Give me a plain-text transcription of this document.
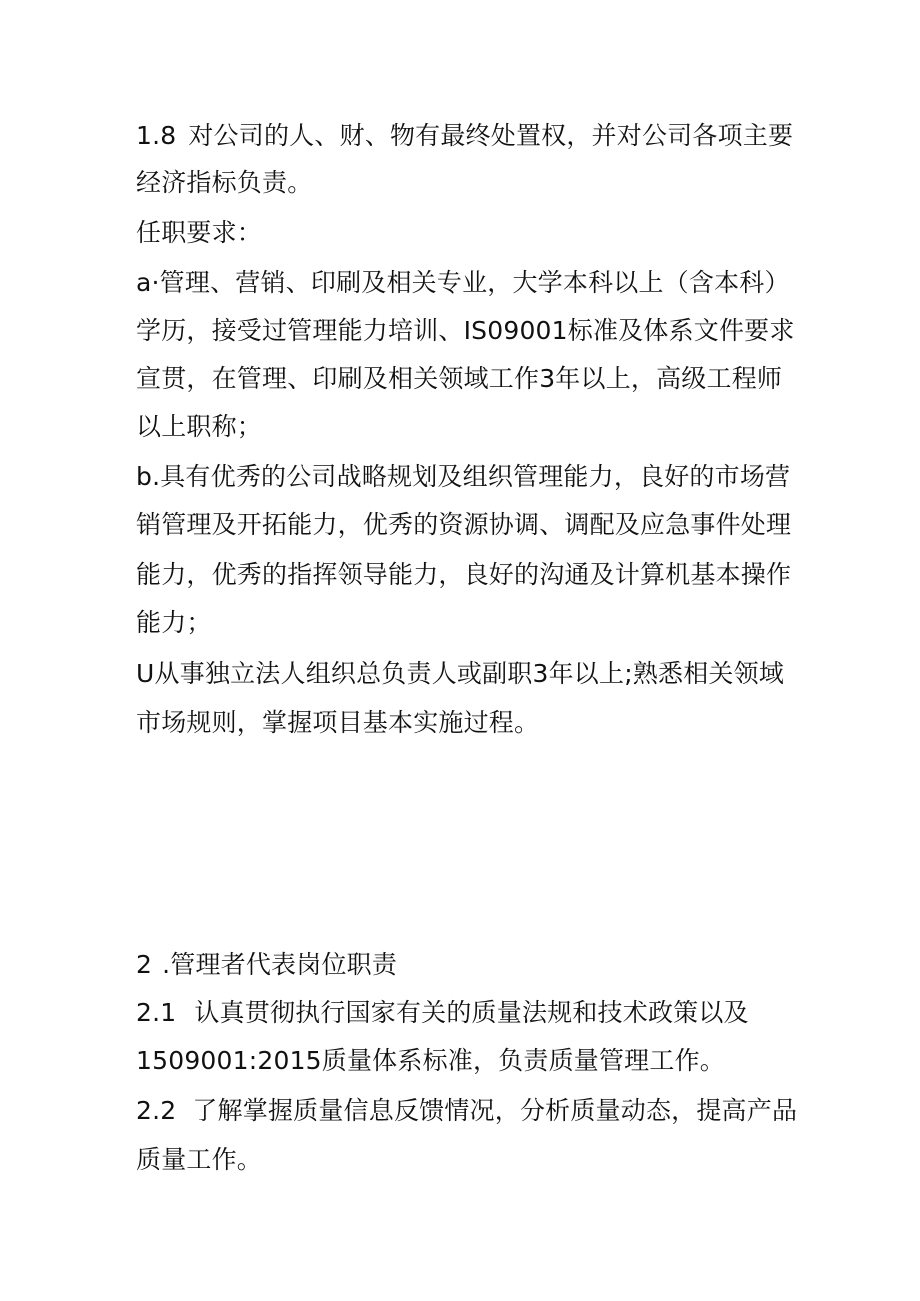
1.8 对公司的人、财、物有最终处置权，并对公司各项主要
经济指标负责。
任职要求：
a·管理、营销、印刷及相关专业，大学本科以上（含本科）
学历，接受过管理能力培训、IS09001标准及体系文件要求
宣贯，在管理、印刷及相关领域工作3年以上，高级工程师
以上职称；
b.具有优秀的公司战略规划及组织管理能力，良好的市场营
销管理及开拓能力，优秀的资源协调、调配及应急事件处理
能力，优秀的指挥领导能力，良好的沟通及计算机基本操作
能力；
U从事独立法人组织总负责人或副职3年以上;熟悉相关领域
市场规则，掌握项目基本实施过程。
2 .管理者代表岗位职责
2.1 认真贯彻执行国家有关的质量法规和技术政策以及
1509001:2015质量体系标准，负责质量管理工作。
2.2 了解掌握质量信息反馈情况，分析质量动态，提高产品
质量工作。
